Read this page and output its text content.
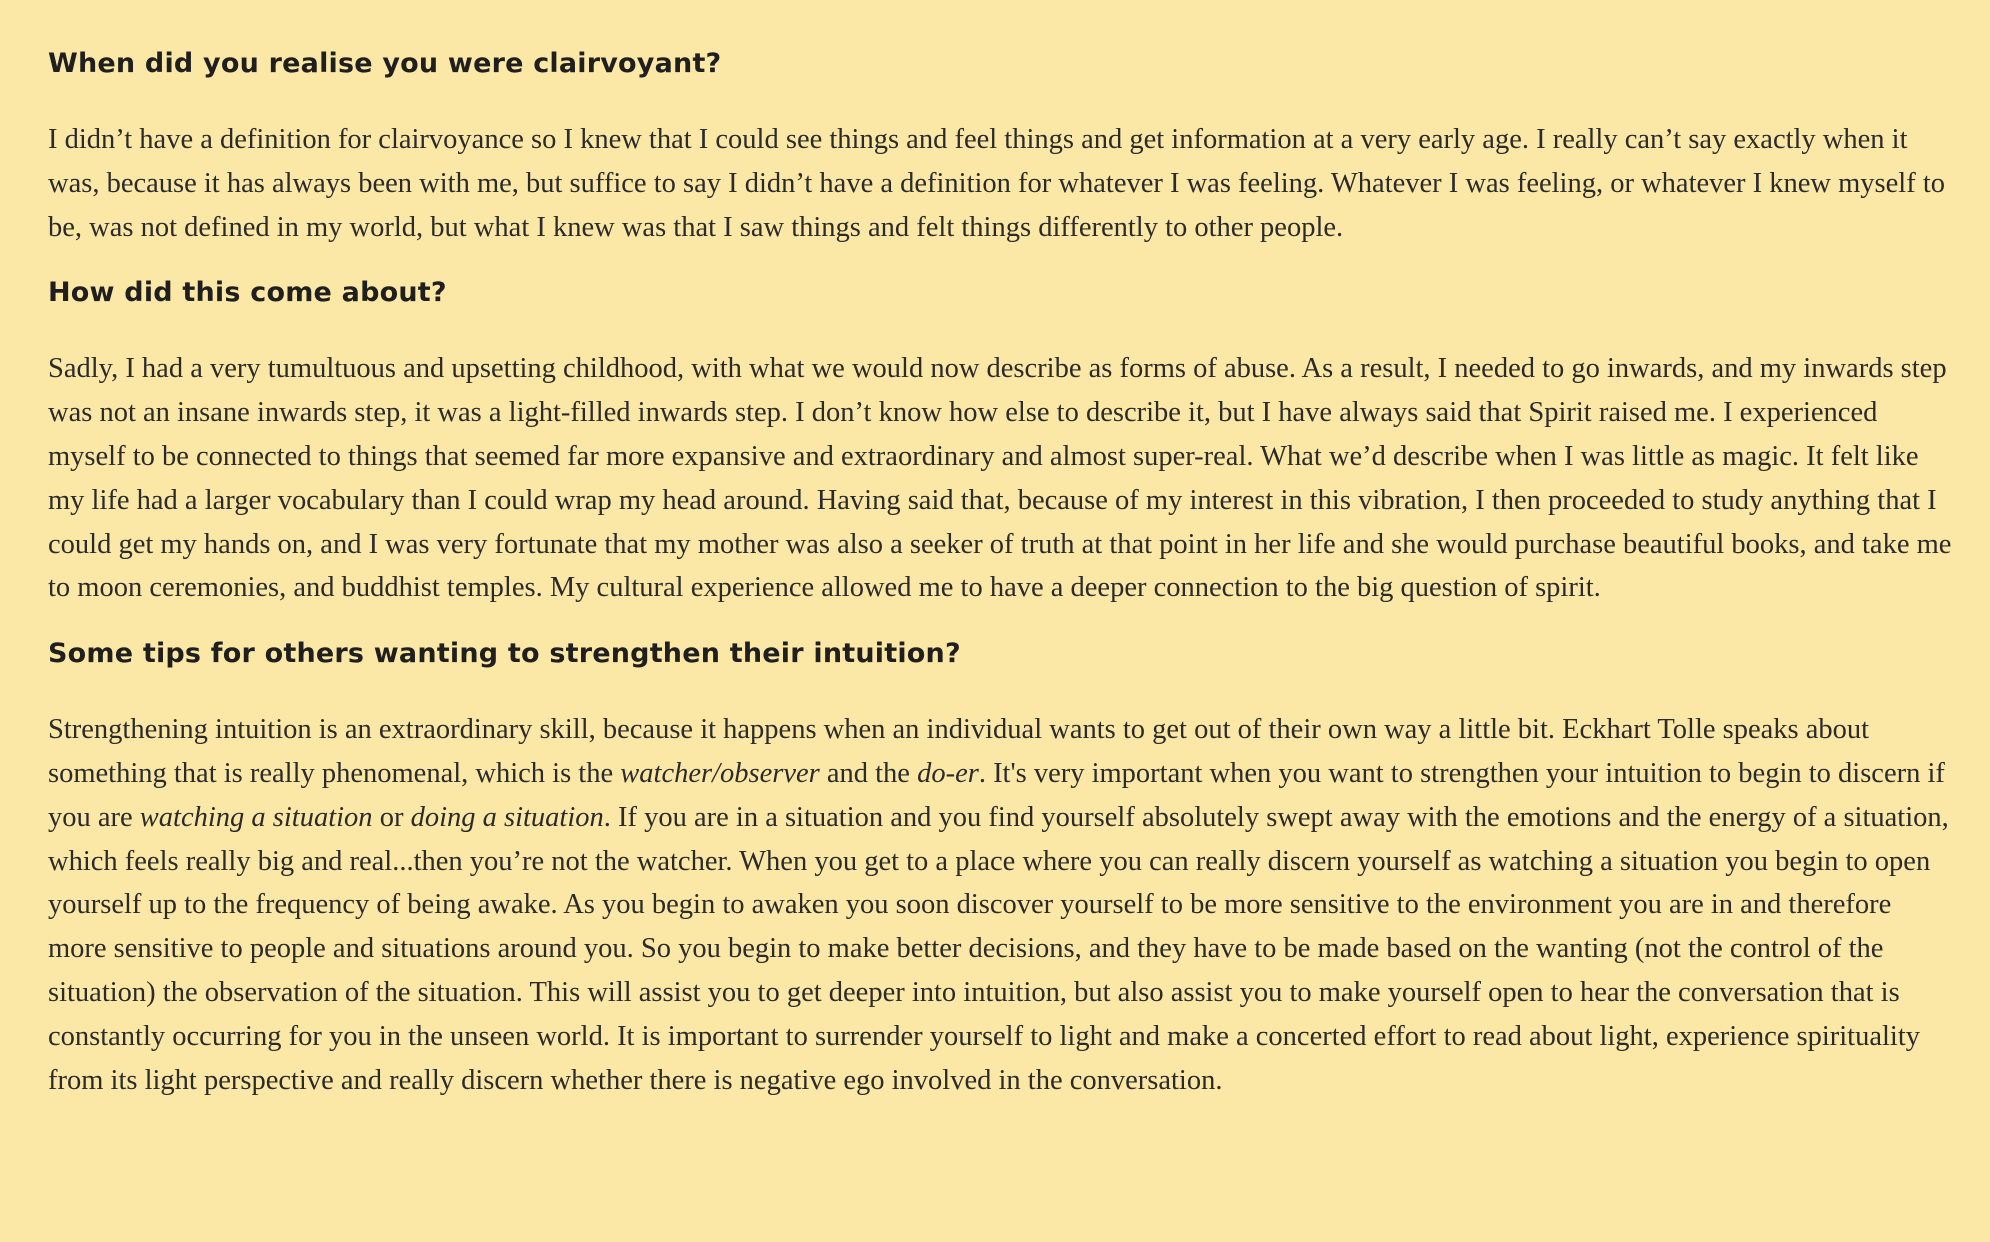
When did you realise you were clairvoyant?

I didn’t have a definition for clairvoyance so I knew that I could see things and feel things and get information at a very early age. I really can’t say exactly when it was, because it has always been with me, but suffice to say I didn’t have a definition for whatever I was feeling. Whatever I was feeling, or whatever I knew myself to be, was not defined in my world, but what I knew was that I saw things and felt things differently to other people.

How did this come about?

Sadly, I had a very tumultuous and upsetting childhood, with what we would now describe as forms of abuse. As a result, I needed to go inwards, and my inwards step was not an insane inwards step, it was a light-filled inwards step. I don’t know how else to describe it, but I have always said that Spirit raised me. I experienced myself to be connected to things that seemed far more expansive and extraordinary and almost super-real. What we’d describe when I was little as magic. It felt like my life had a larger vocabulary than I could wrap my head around. Having said that, because of my interest in this vibration, I then proceeded to study anything that I could get my hands on, and I was very fortunate that my mother was also a seeker of truth at that point in her life and she would purchase beautiful books, and take me to moon ceremonies, and buddhist temples. My cultural experience allowed me to have a deeper connection to the big question of spirit.

Some tips for others wanting to strengthen their intuition?

Strengthening intuition is an extraordinary skill, because it happens when an individual wants to get out of their own way a little bit. Eckhart Tolle speaks about something that is really phenomenal, which is the watcher/observer and the do-er. It's very important when you want to strengthen your intuition to begin to discern if you are watching a situation or doing a situation. If you are in a situation and you find yourself absolutely swept away with the emotions and the energy of a situation, which feels really big and real...then you’re not the watcher. When you get to a place where you can really discern yourself as watching a situation you begin to open yourself up to the frequency of being awake. As you begin to awaken you soon discover yourself to be more sensitive to the environment you are in and therefore more sensitive to people and situations around you. So you begin to make better decisions, and they have to be made based on the wanting (not the control of the situation) the observation of the situation. This will assist you to get deeper into intuition, but also assist you to make yourself open to hear the conversation that is constantly occurring for you in the unseen world. It is important to surrender yourself to light and make a concerted effort to read about light, experience spirituality from its light perspective and really discern whether there is negative ego involved in the conversation.
